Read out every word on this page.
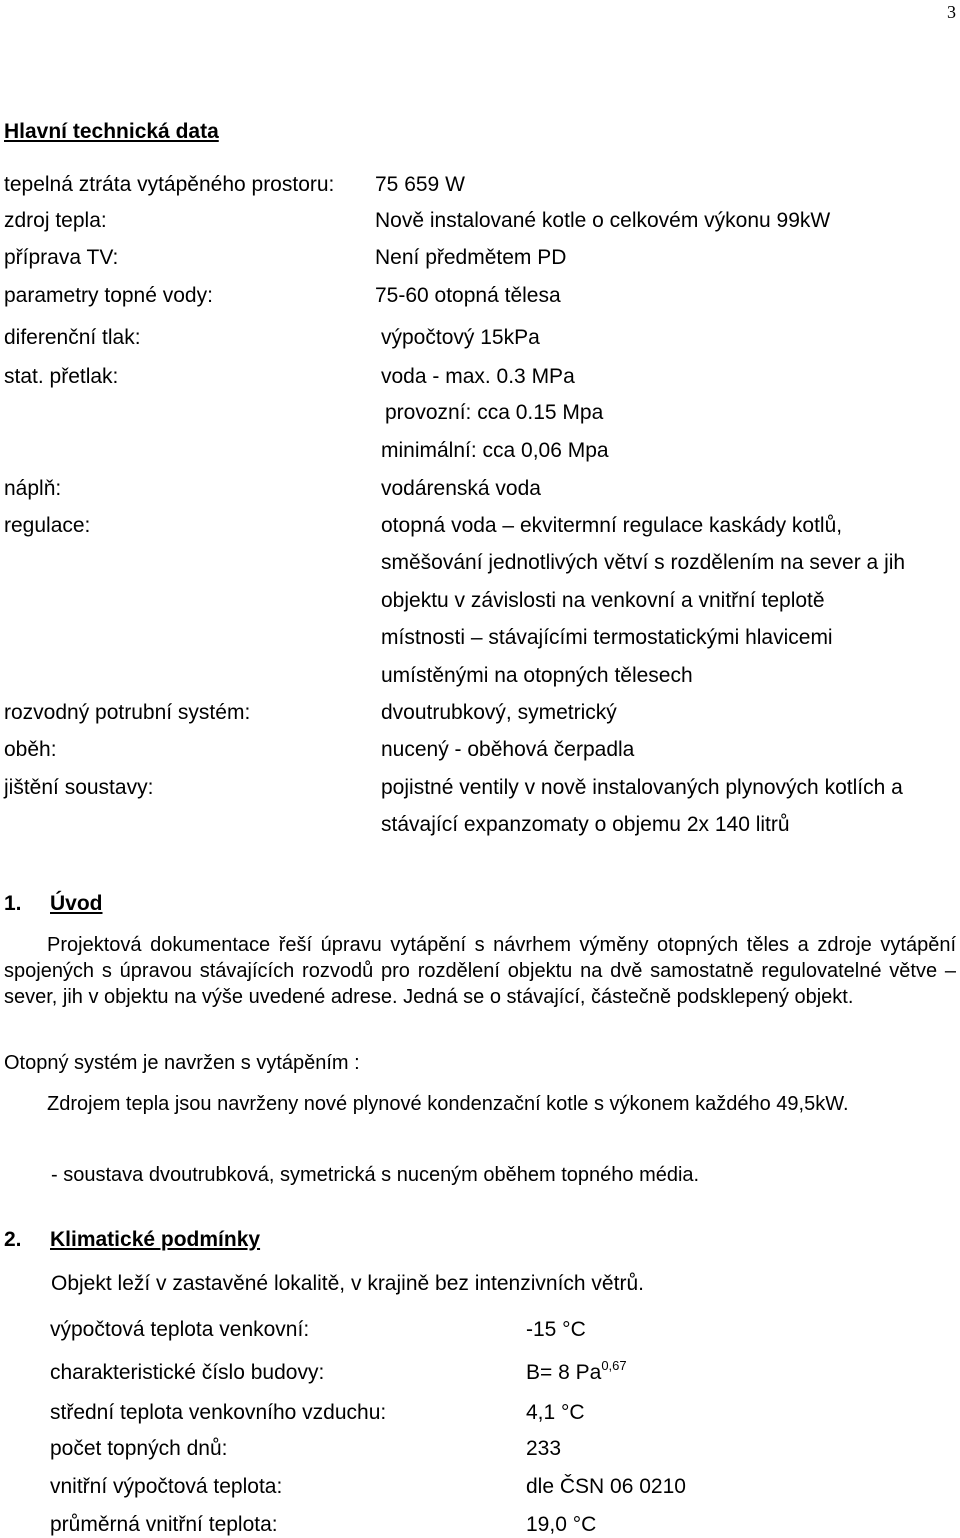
3
Hlavní technická data
tepelná ztráta vytápěného prostoru: 75 659 W
zdroj tepla:	Nově instalované kotle o celkovém výkonu 99kW
příprava TV:	Není předmětem PD
parametry topné vody:	75-60 otopná tělesa
diferenční tlak:	výpočtový 15kPa
stat. přetlak:	voda - max. 0.3 MPa
provozní: cca 0.15 Mpa
minimální: cca 0,06 Mpa
náplň:	vodárenská voda
regulace:	otopná voda – ekvitermní regulace kaskády kotlů,
směšování jednotlivých větví s rozdělením na sever a jih
objektu v závislosti na venkovní a vnitřní teplotě
místnosti – stávajícími termostatickými hlavicemi
umístěnými na otopných tělesech
rozvodný potrubní systém:	dvoutrubkový, symetrický
oběh:	nucený - oběhová čerpadla
jištění soustavy:	pojistné ventily v nově instalovaných plynových kotlích a
stávající expanzomaty o objemu 2x 140 litrů
1. Úvod
Projektová dokumentace řeší úpravu vytápění s návrhem výměny otopných těles a zdroje vytápění spojených s úpravou stávajících rozvodů pro rozdělení objektu na dvě samostatně regulovatelné větve – sever, jih v objektu na výše uvedené adrese. Jedná se o stávající, částečně podsklepený objekt.
Otopný systém je navržen s vytápěním :
Zdrojem tepla jsou navrženy nové plynové kondenzační kotle s výkonem každého 49,5kW.
- soustava dvoutrubková, symetrická s nuceným oběhem topného média.
2. Klimatické podmínky
Objekt leží v zastavěné lokalitě, v krajině bez intenzivních větrů.
výpočtová teplota venkovní:	-15 °C
charakteristické číslo budovy:	B= 8 Pa$^{0,67}$
střední teplota venkovního vzduchu:	4,1 °C
počet topných dnů:	233
vnitřní výpočtová teplota:	dle ČSN 06 0210
průměrná vnitřní teplota:	19,0 °C
